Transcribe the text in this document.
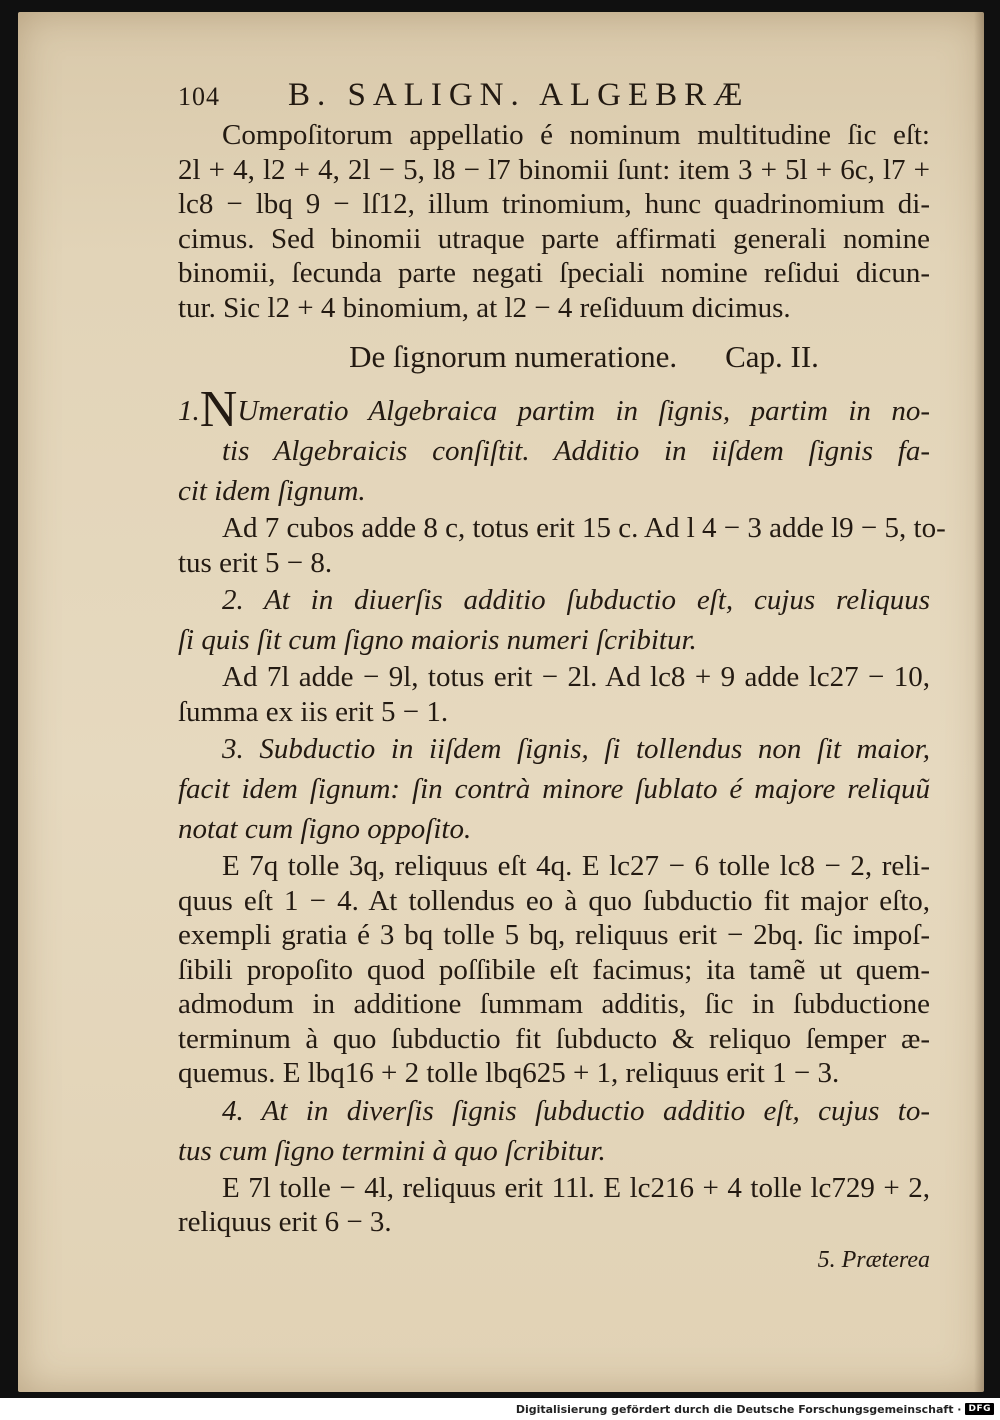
104	B. SALIGN. ALGEBRÆ
Compoſitorum appellatio é nominum multitudine ſic eſt:
2l + 4, l2 + 4, 2l − 5, l8 − l7 binomii ſunt: item 3 + 5l + 6c, l7 +
lc8 − lbq 9 − lſ12, illum trinomium, hunc quadrinomium di-
cimus. Sed binomii utraque parte affirmati generali nomine
binomii, ſecunda parte negati ſpeciali nomine reſidui dicun-
tur. Sic l2 + 4 binomium, at l2 − 4 reſiduum dicimus.
De ſignorum numeratione. Cap. II.
1.NUmeratio Algebraica partim in ſignis, partim in no-
tis Algebraicis conſiſtit. Additio in iiſdem ſignis fa-
cit idem ſignum.
Ad 7 cubos adde 8 c, totus erit 15 c. Ad l 4 − 3 adde l9 − 5, to-
tus erit 5 − 8.
2. At in diuerſis additio ſubductio eſt, cujus reliquus
ſi quis ſit cum ſigno maioris numeri ſcribitur.
Ad 7l adde − 9l, totus erit − 2l. Ad lc8 + 9 adde lc27 − 10,
ſumma ex iis erit 5 − 1.
3. Subductio in iiſdem ſignis, ſi tollendus non ſit maior,
facit idem ſignum: ſin contrà minore ſublato é majore reliquũ
notat cum ſigno oppoſito.
E 7q tolle 3q, reliquus eſt 4q. E lc27 − 6 tolle lc8 − 2, reli-
quus eſt 1 − 4. At tollendus eo à quo ſubductio fit major eſto,
exempli gratia é 3 bq tolle 5 bq, reliquus erit − 2bq. ſic impoſ-
ſibili propoſito quod poſſibile eſt facimus; ita tamẽ ut quem-
admodum in additione ſummam additis, ſic in ſubductione
terminum à quo ſubductio fit ſubducto & reliquo ſemper æ-
quemus. E lbq16 + 2 tolle lbq625 + 1, reliquus erit 1 − 3.
4. At in diverſis ſignis ſubductio additio eſt, cujus to-
tus cum ſigno termini à quo ſcribitur.
E 7l tolle − 4l, reliquus erit 11l. E lc216 + 4 tolle lc729 + 2,
reliquus erit 6 − 3.
5. Præterea
Digitalisierung gefördert durch die Deutsche Forschungsgemeinschaft · DFG
